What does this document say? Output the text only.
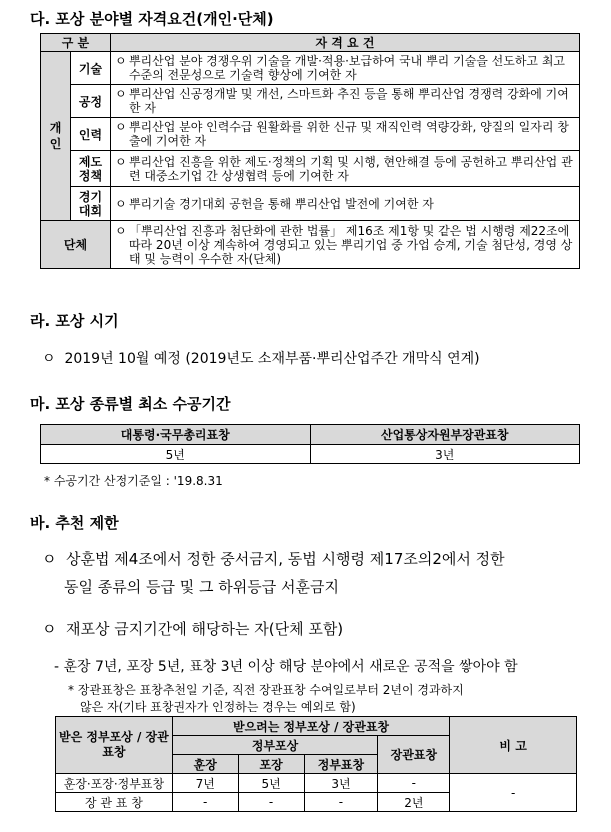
다. 포상 분야별 자격요건(개인·단체)
구 분		자 격 요 건
개인	기술	ㅇ 뿌리산업 분야 경쟁우위 기술을 개발·적용·보급하여 국내 뿌리 기술을 선도하고 최고수준의 전문성으로 기술력 향상에 기여한 자

	공정	ㅇ 뿌리산업 신공정개발 및 개선, 스마트화 추진 등을 통해 뿌리산업 경쟁력 강화에 기여한 자

	인력	ㅇ 뿌리산업 분야 인력수급 원활화를 위한 신규 및 재직인력 역량강화, 양질의 일자리 창출에 기여한 자

	제도정책	ㅇ 뿌리산업 진흥을 위한 제도·정책의 기획 및 시행, 현안해결 등에 공헌하고 뿌리산업 관련 대중소기업 간 상생협력 등에 기여한 자

	경기대회	ㅇ 뿌리기술 경기대회 공헌을 통해 뿌리산업 발전에 기여한 자

단체		ㅇ 「뿌리산업 진흥과 첨단화에 관한 법률」 제16조 제1항 및 같은 법 시행령 제22조에 따라 20년 이상 계속하여 경영되고 있는 뿌리기업 중 가업 승계, 기술 첨단성, 경영 상태 및 능력이 우수한 자(단체)
라. 포상 시기
ㅇ 2019년 10월 예정 (2019년도 소재부품·뿌리산업주간 개막식 연계)
마. 포상 종류별 최소 수공기간
대통령·국무총리표창	산업통상자원부장관표창
5년	3년
* 수공기간 산정기준일 : '19.8.31
바. 추천 제한
ㅇ 상훈법 제4조에서 정한 중서금지, 동법 시행령 제17조의2에서 정한
동일 종류의 등급 및 그 하위등급 서훈금지
ㅇ 재포상 금지기간에 해당하는 자(단체 포함)
- 훈장 7년, 포장 5년, 표창 3년 이상 해당 분야에서 새로운 공적을 쌓아야 함
* 장관표창은 표창추천일 기준, 직전 장관표창 수여일로부터 2년이 경과하지
않은 자(기타 표창권자가 인정하는 경우는 예외로 함)
받은 정부포상 / 장관표창	받으려는 정부포상 / 장관표창				비 고
	정부포상			장관표창	
	훈장	포장	정부표창		
훈장·포장·정부표창	7년	5년	3년	-	-
장 관 표 창	-	-	-	2년	
